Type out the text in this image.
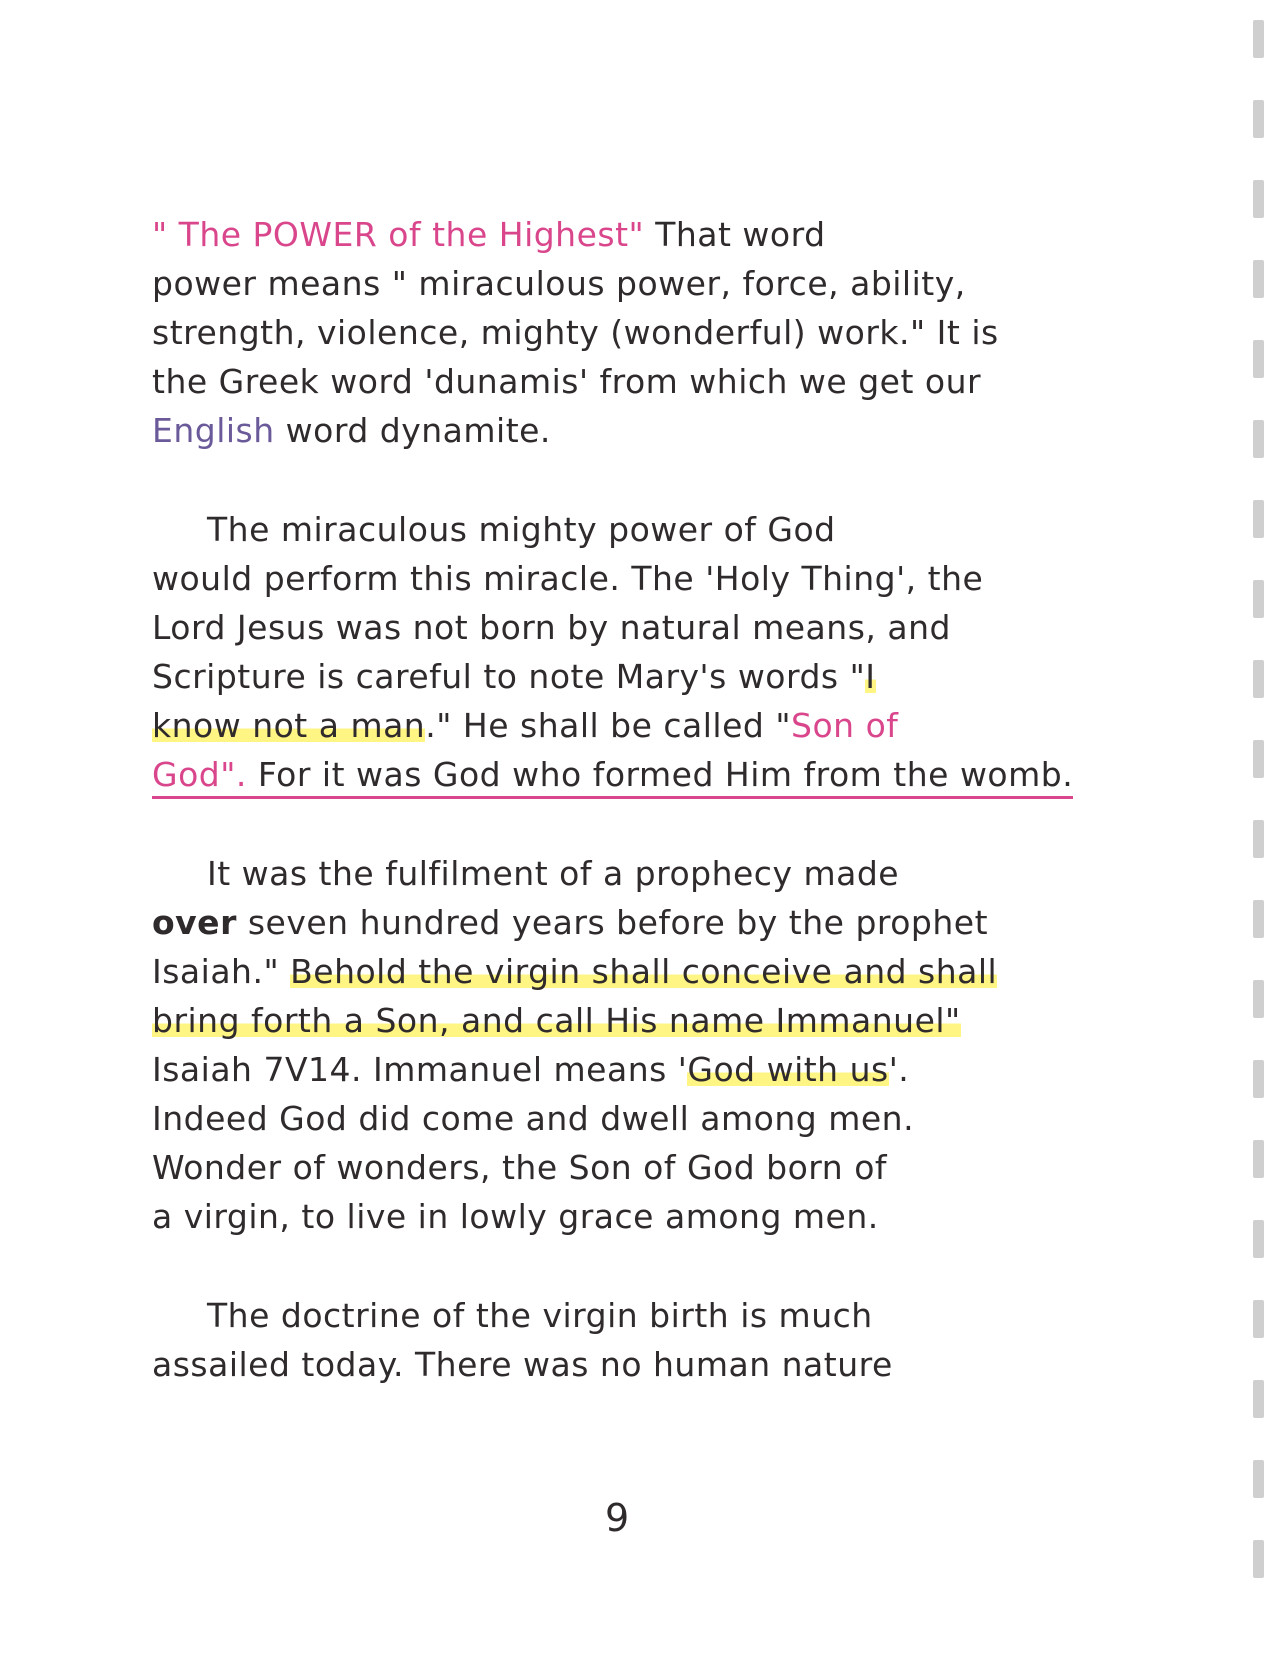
" The POWER of the Highest" That word
power means " miraculous power, force, ability,
strength, violence, mighty (wonderful) work." It is
the Greek word 'dunamis' from which we get our
English word dynamite.
The miraculous mighty power of God
would perform this miracle. The 'Holy Thing', the
Lord Jesus was not born by natural means, and
Scripture is careful to note Mary's words "I
know not a man." He shall be called "Son of
God". For it was God who formed Him from the womb.
It was the fulfilment of a prophecy made
over seven hundred years before by the prophet
Isaiah." Behold the virgin shall conceive and shall
bring forth a Son, and call His name Immanuel"
Isaiah 7V14. Immanuel means 'God with us'.
Indeed God did come and dwell among men.
Wonder of wonders, the Son of God born of
a virgin, to live in lowly grace among men.
The doctrine of the virgin birth is much
assailed today. There was no human nature
9
